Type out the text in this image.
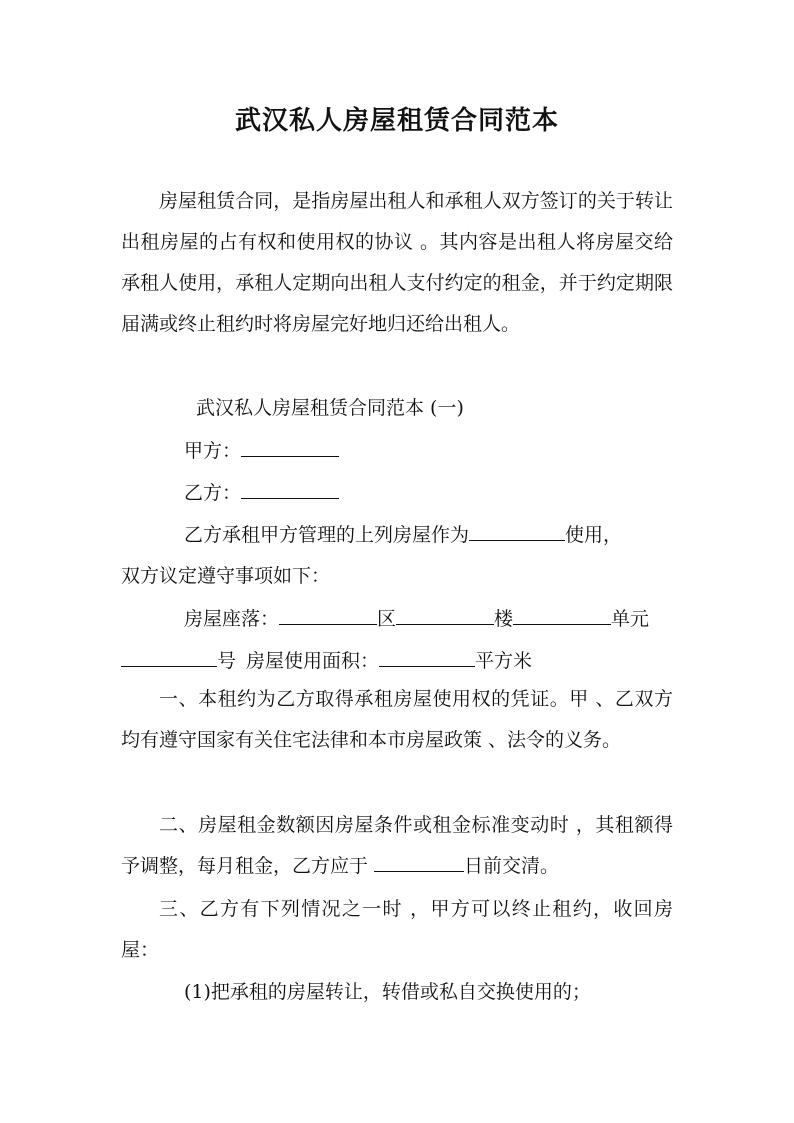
武汉私人房屋租赁合同范本
房屋租赁合同，是指房屋出租人和承租人双方签订的关于转让出租房屋的占有权和使用权的协议 。其内容是出租人将房屋交给承租人使用，承租人定期向出租人支付约定的租金，并于约定期限届满或终止租约时将房屋完好地归还给出租人。
武汉私人房屋租赁合同范本 (一)
甲方：
乙方：
乙方承租甲方管理的上列房屋作为	使用，
双方议定遵守事项如下：
房屋座落：	区	楼	单元
号 房屋使用面积：	平方米
一、本租约为乙方取得承租房屋使用权的凭证。甲 、乙双方均有遵守国家有关住宅法律和本市房屋政策 、法令的义务。
二、房屋租金数额因房屋条件或租金标准变动时 ，其租额得予调整，每月租金，乙方应于	日前交清。
三、乙方有下列情况之一时 ，甲方可以终止租约，收回房屋：
(1)把承租的房屋转让，转借或私自交换使用的；
